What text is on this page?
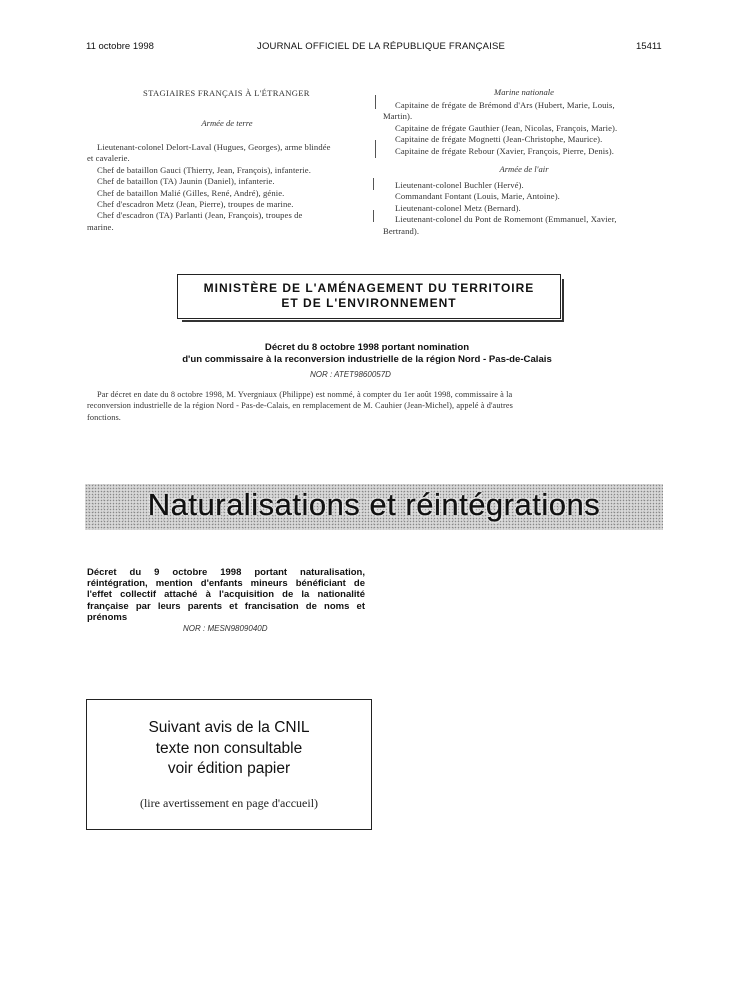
11 octobre 1998	JOURNAL OFFICIEL DE LA RÉPUBLIQUE FRANÇAISE	15411
STAGIAIRES FRANÇAIS À L'ÉTRANGER
Armée de terre
Lieutenant-colonel Delort-Laval (Hugues, Georges), arme blindée
et cavalerie.
Chef de bataillon Gauci (Thierry, Jean, François), infanterie.
Chef de bataillon (TA) Jaunin (Daniel), infanterie.
Chef de bataillon Malié (Gilles, René, André), génie.
Chef d'escadron Metz (Jean, Pierre), troupes de marine.
Chef d'escadron (TA) Parlanti (Jean, François), troupes de
marine.
Marine nationale
Capitaine de frégate de Brémond d'Ars (Hubert, Marie, Louis,
Martin).
Capitaine de frégate Gauthier (Jean, Nicolas, François, Marie).
Capitaine de frégate Mognetti (Jean-Christophe, Maurice).
Capitaine de frégate Rebour (Xavier, François, Pierre, Denis).
Armée de l'air
Lieutenant-colonel Buchler (Hervé).
Commandant Fontant (Louis, Marie, Antoine).
Lieutenant-colonel Metz (Bernard).
Lieutenant-colonel du Pont de Romemont (Emmanuel, Xavier,
Bertrand).
MINISTÈRE DE L'AMÉNAGEMENT DU TERRITOIRE
ET DE L'ENVIRONNEMENT
Décret du 8 octobre 1998 portant nomination
d'un commissaire à la reconversion industrielle de la région Nord - Pas-de-Calais
NOR : ATET9860057D
Par décret en date du 8 octobre 1998, M. Yvergniaux (Philippe) est nommé, à compter du 1er août 1998, commissaire à la
reconversion industrielle de la région Nord - Pas-de-Calais, en remplacement de M. Cauhier (Jean-Michel), appelé à d'autres
fonctions.
Naturalisations et réintégrations
Décret du 9 octobre 1998 portant naturalisation, réintégration, mention d'enfants mineurs bénéficiant de l'effet collectif attaché à l'acquisition de la nationalité française par leurs parents et francisation de noms et prénoms
NOR : MESN9809040D
Suivant avis de la CNIL
texte non consultable
voir édition papier
(lire avertissement en page d'accueil)
